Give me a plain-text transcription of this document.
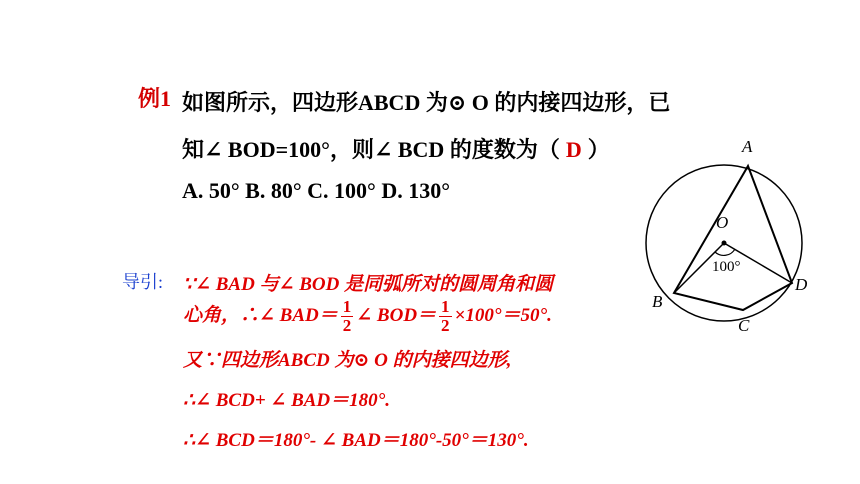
例1 如图所示，四边形ABCD 为⊙ O 的内接四边形，已
知∠ BOD=100°，则∠ BCD 的度数为（ D ）
A. 50° B. 80° C. 100° D. 130°
导引: ∵∠ BAD 与∠ BOD 是同弧所对的圆周角和圆
心角，∴∠ $BAD= \frac{1}{2}$ ∠ $BOD= \frac{1}{2} \times 100^\circ=50^\circ$.
又∵四边形ABCD 为⊙ O 的内接四边形,
∴∠ BCD+ ∠ BAD＝180°.
∴∠ BCD＝180°- ∠ BAD＝180°-50°＝130°.
A
O
B
C
D
100°
